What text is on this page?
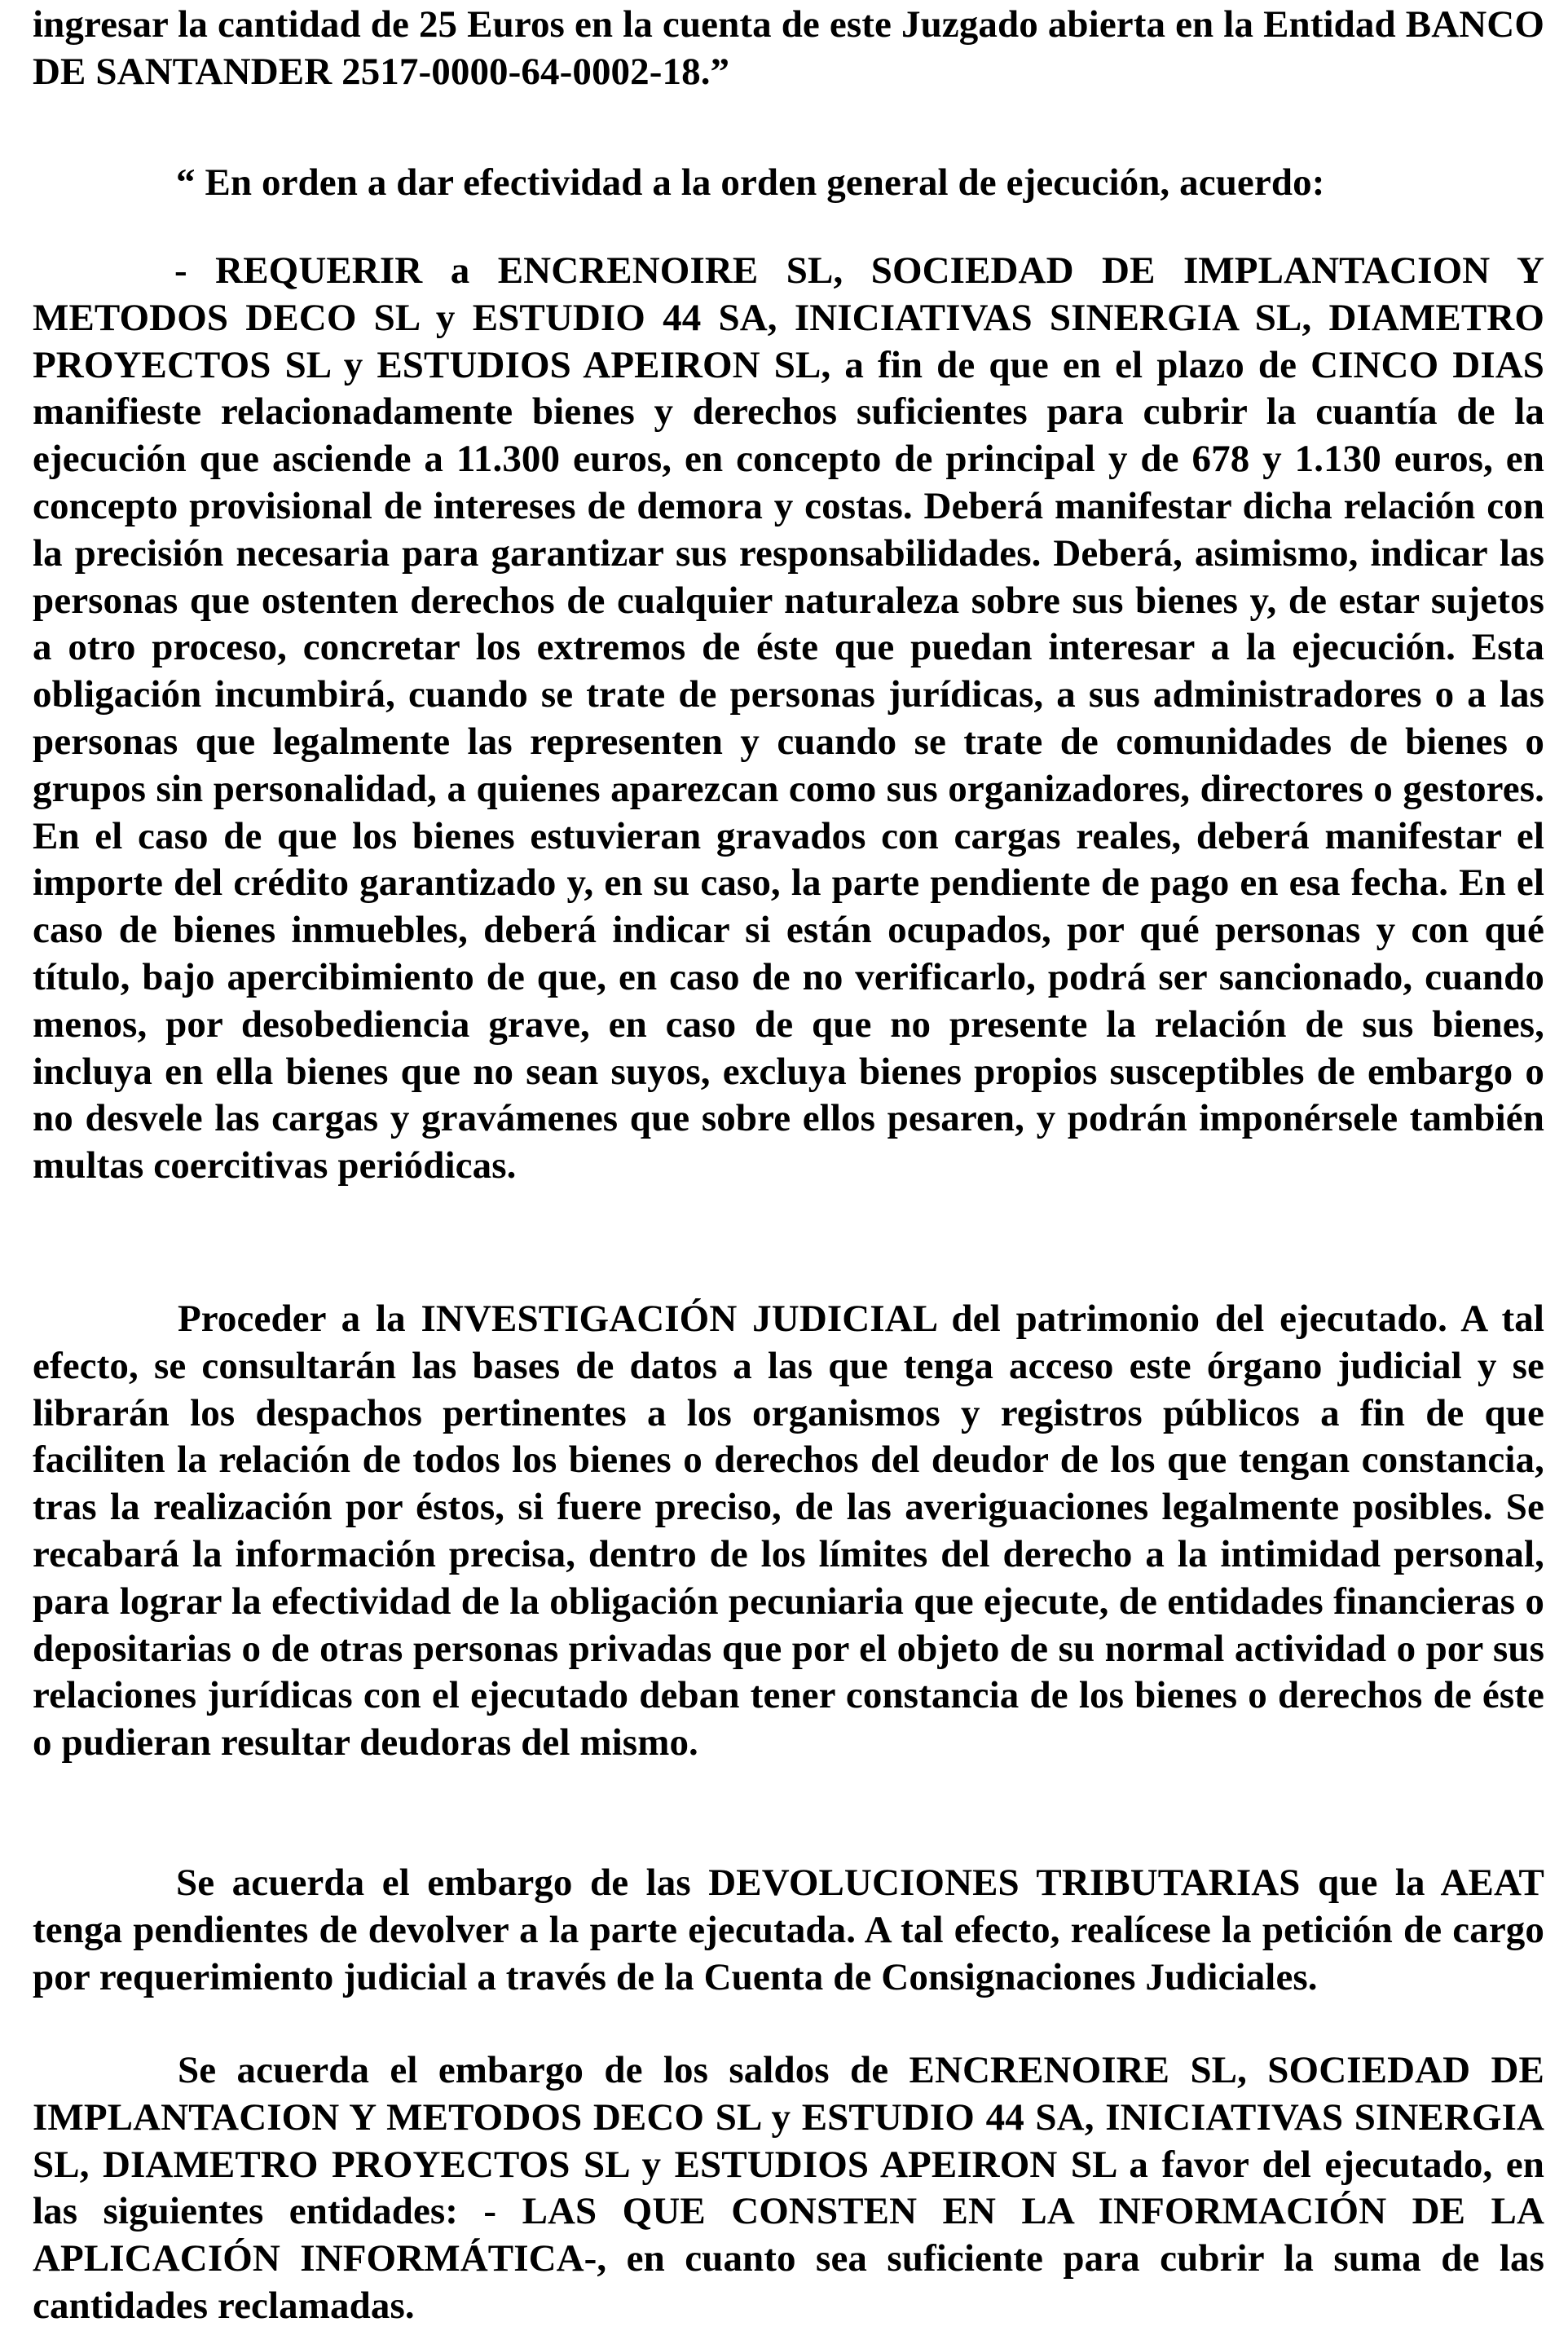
ingresar la cantidad de 25 Euros en la cuenta de este Juzgado abierta en la Entidad BANCO DE SANTANDER 2517-0000-64-0002-18.”

“ En orden a dar efectividad a la orden general de ejecución, acuerdo:

- REQUERIR a ENCRENOIRE SL, SOCIEDAD DE IMPLANTACION Y METODOS DECO SL y ESTUDIO 44 SA, INICIATIVAS SINERGIA SL, DIAMETRO PROYECTOS SL y ESTUDIOS APEIRON SL, a fin de que en el plazo de CINCO DIAS manifieste relacionadamente bienes y derechos suficientes para cubrir la cuantía de la ejecución que asciende a 11.300 euros, en concepto de principal y de 678 y 1.130 euros, en concepto provisional de intereses de demora y costas. Deberá manifestar dicha relación con la precisión necesaria para garantizar sus responsabilidades. Deberá, asimismo, indicar las personas que ostenten derechos de cualquier naturaleza sobre sus bienes y, de estar sujetos a otro proceso, concretar los extremos de éste que puedan interesar a la ejecución. Esta obligación incumbirá, cuando se trate de personas jurídicas, a sus administradores o a las personas que legalmente las representen y cuando se trate de comunidades de bienes o grupos sin personalidad, a quienes aparezcan como sus organizadores, directores o gestores. En el caso de que los bienes estuvieran gravados con cargas reales, deberá manifestar el importe del crédito garantizado y, en su caso, la parte pendiente de pago en esa fecha. En el caso de bienes inmuebles, deberá indicar si están ocupados, por qué personas y con qué título, bajo apercibimiento de que, en caso de no verificarlo, podrá ser sancionado, cuando menos, por desobediencia grave, en caso de que no presente la relación de sus bienes, incluya en ella bienes que no sean suyos, excluya bienes propios susceptibles de embargo o no desvele las cargas y gravámenes que sobre ellos pesaren, y podrán imponérsele también multas coercitivas periódicas.

Proceder a la INVESTIGACIÓN JUDICIAL del patrimonio del ejecutado. A tal efecto, se consultarán las bases de datos a las que tenga acceso este órgano judicial y se librarán los despachos pertinentes a los organismos y registros públicos a fin de que faciliten la relación de todos los bienes o derechos del deudor de los que tengan constancia, tras la realización por éstos, si fuere preciso, de las averiguaciones legalmente posibles. Se recabará la información precisa, dentro de los límites del derecho a la intimidad personal, para lograr la efectividad de la obligación pecuniaria que ejecute, de entidades financieras o depositarias o de otras personas privadas que por el objeto de su normal actividad o por sus relaciones jurídicas con el ejecutado deban tener constancia de los bienes o derechos de éste o pudieran resultar deudoras del mismo.

Se acuerda el embargo de las DEVOLUCIONES TRIBUTARIAS que la AEAT tenga pendientes de devolver a la parte ejecutada. A tal efecto, realícese la petición de cargo por requerimiento judicial a través de la Cuenta de Consignaciones Judiciales.

Se acuerda el embargo de los saldos de ENCRENOIRE SL, SOCIEDAD DE IMPLANTACION Y METODOS DECO SL y ESTUDIO 44 SA, INICIATIVAS SINERGIA SL, DIAMETRO PROYECTOS SL y ESTUDIOS APEIRON SL a favor del ejecutado, en las siguientes entidades: - LAS QUE CONSTEN EN LA INFORMACIÓN DE LA APLICACIÓN INFORMÁTICA-, en cuanto sea suficiente para cubrir la suma de las cantidades reclamadas.
